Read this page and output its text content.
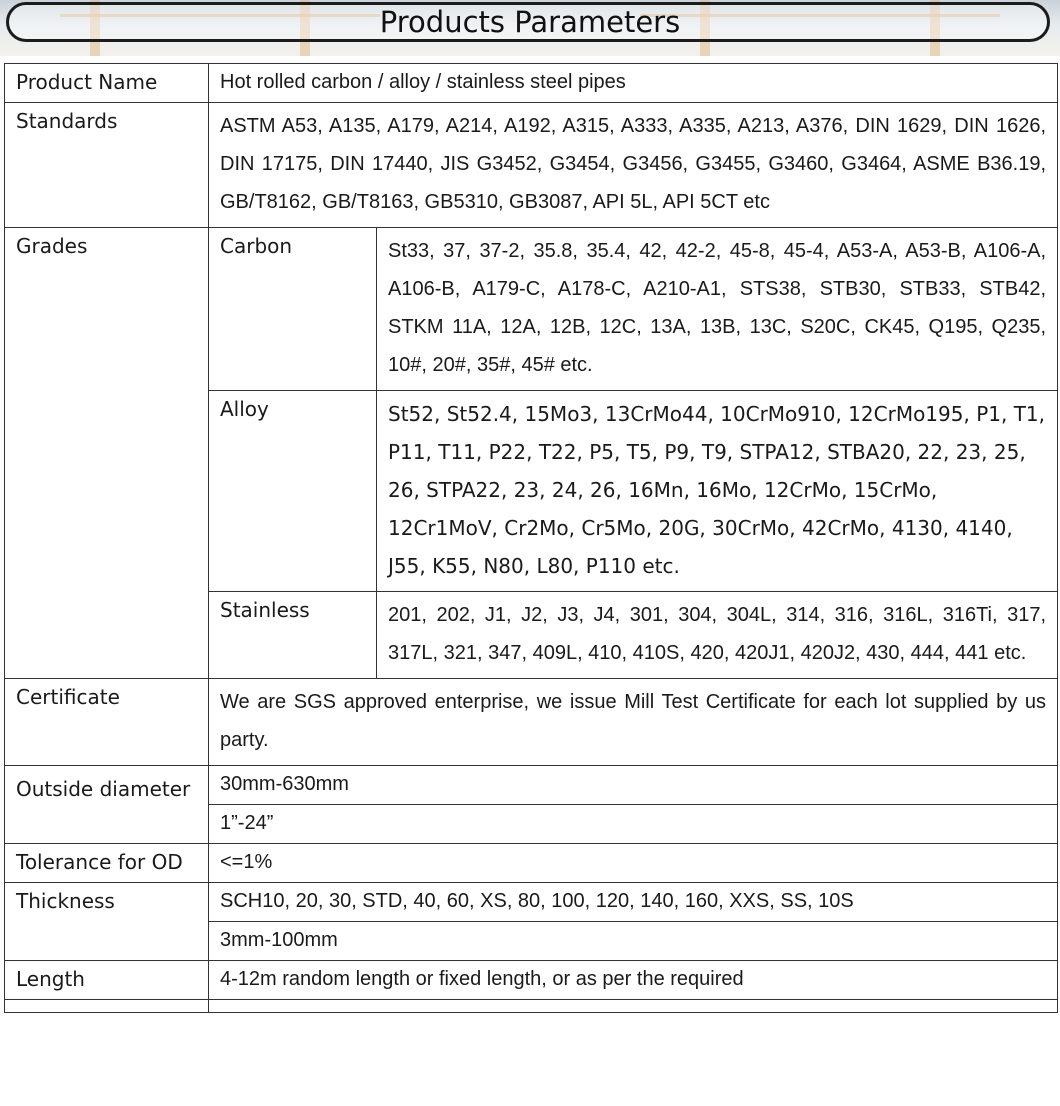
Products Parameters
Product Name	Hot rolled carbon / alloy / stainless steel pipes	
Standards	ASTM A53, A135, A179, A214, A192, A315, A333, A335, A213, A376, DIN 1629, DIN 1626, DIN 17175, DIN 17440, JIS G3452, G3454, G3456, G3455, G3460, G3464, ASME B36.19, GB/T8162, GB/T8163, GB5310, GB3087, API 5L, API 5CT etc	
Grades	Carbon	St33, 37, 37-2, 35.8, 35.4, 42, 42-2, 45-8, 45-4, A53-A, A53-B, A106-A, A106-B, A179-C, A178-C, A210-A1, STS38, STB30, STB33, STB42, STKM 11A, 12A, 12B, 12C, 13A, 13B, 13C, S20C, CK45, Q195, Q235, 10#, 20#, 35#, 45# etc.
	Alloy	St52, St52.4, 15Mo3, 13CrMo44, 10CrMo910, 12CrMo195, P1, T1, P11, T11, P22, T22, P5, T5, P9, T9, STPA12, STBA20, 22, 23, 25, 26, STPA22, 23, 24, 26, 16Mn, 16Mo, 12CrMo, 15CrMo, 12Cr1MoV, Cr2Mo, Cr5Mo, 20G, 30CrMo, 42CrMo, 4130, 4140, J55, K55, N80, L80, P110 etc.
	Stainless	201, 202, J1, J2, J3, J4, 301, 304, 304L, 314, 316, 316L, 316Ti, 317, 317L, 321, 347, 409L, 410, 410S, 420, 420J1, 420J2, 430, 444, 441 etc.
Certificate	We are SGS approved enterprise, we issue Mill Test Certificate for each lot supplied by us party.	
Outside diameter	30mm-630mm	
	1”-24”	
Tolerance for OD	<=1%	
Thickness	SCH10, 20, 30, STD, 40, 60, XS, 80, 100, 120, 140, 160, XXS, SS, 10S	
	3mm-100mm	
Length	4-12m random length or fixed length, or as per the required	
